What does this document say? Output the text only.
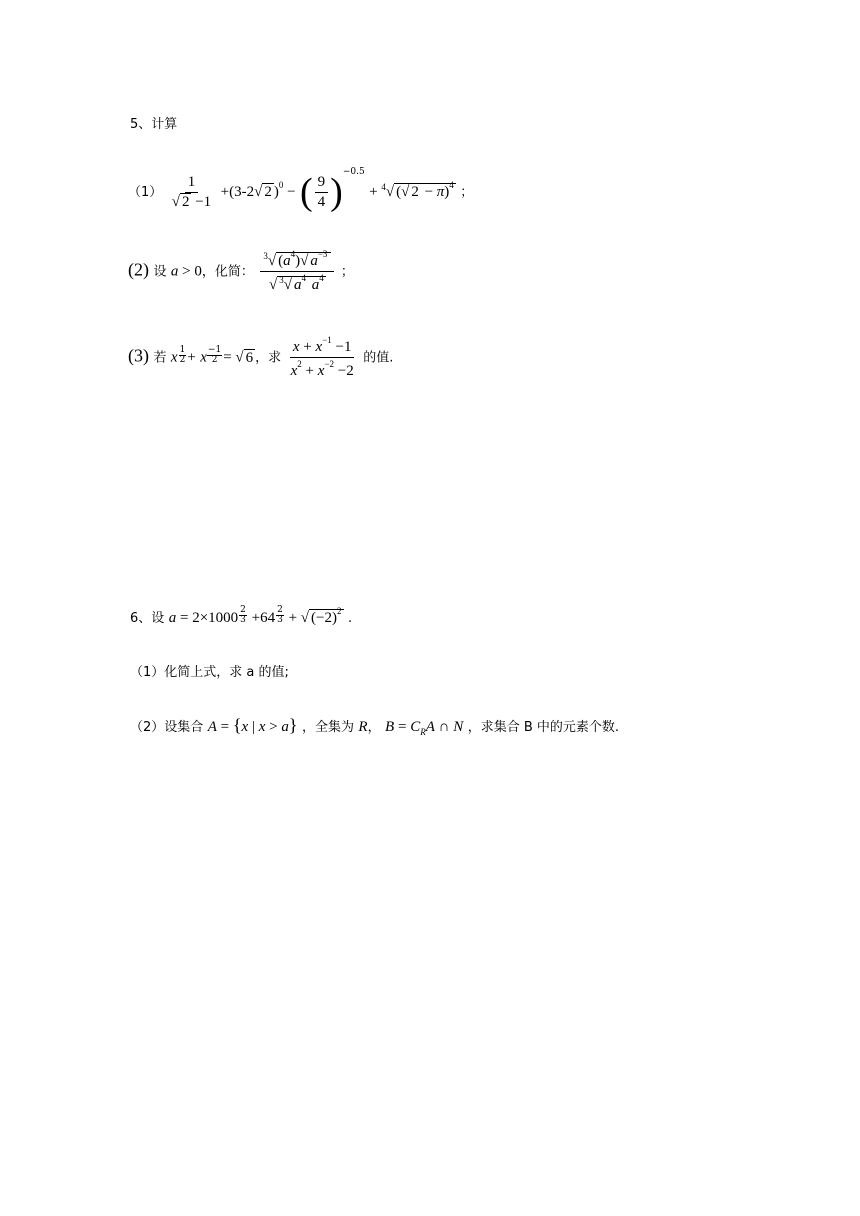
5、计算
$(1) \frac{1}{√ 2 -1} +(3-2√$ 2 )$^0$ − ( $\frac{9}{4} )^{-0.5} + ^4√$ (√ 2 − π)$^4$ ；
(2) 设 a > 0，化简： $\frac{^3√ (a^4)√ a^{-3}}{√ ^3√ a^4 a^4}$ ；
(3) 若 x $\frac{1}{2} + x \frac{-1}{2}$ = √ 6 ，求 $\frac{x + x^{-1} -1}{x^2 + x^{-2} -2}$ 的值.
6、设 $a = 2\times 1000 \frac{2}{3} +64 \frac{2}{3}$ + √ $(-2)^2$ .
（1）化简上式，求 a 的值;
（2）设集合 A = {x | x > a} ，全集为 R， $B = C_RA$ ∩ N ，求集合 B 中的元素个数.
